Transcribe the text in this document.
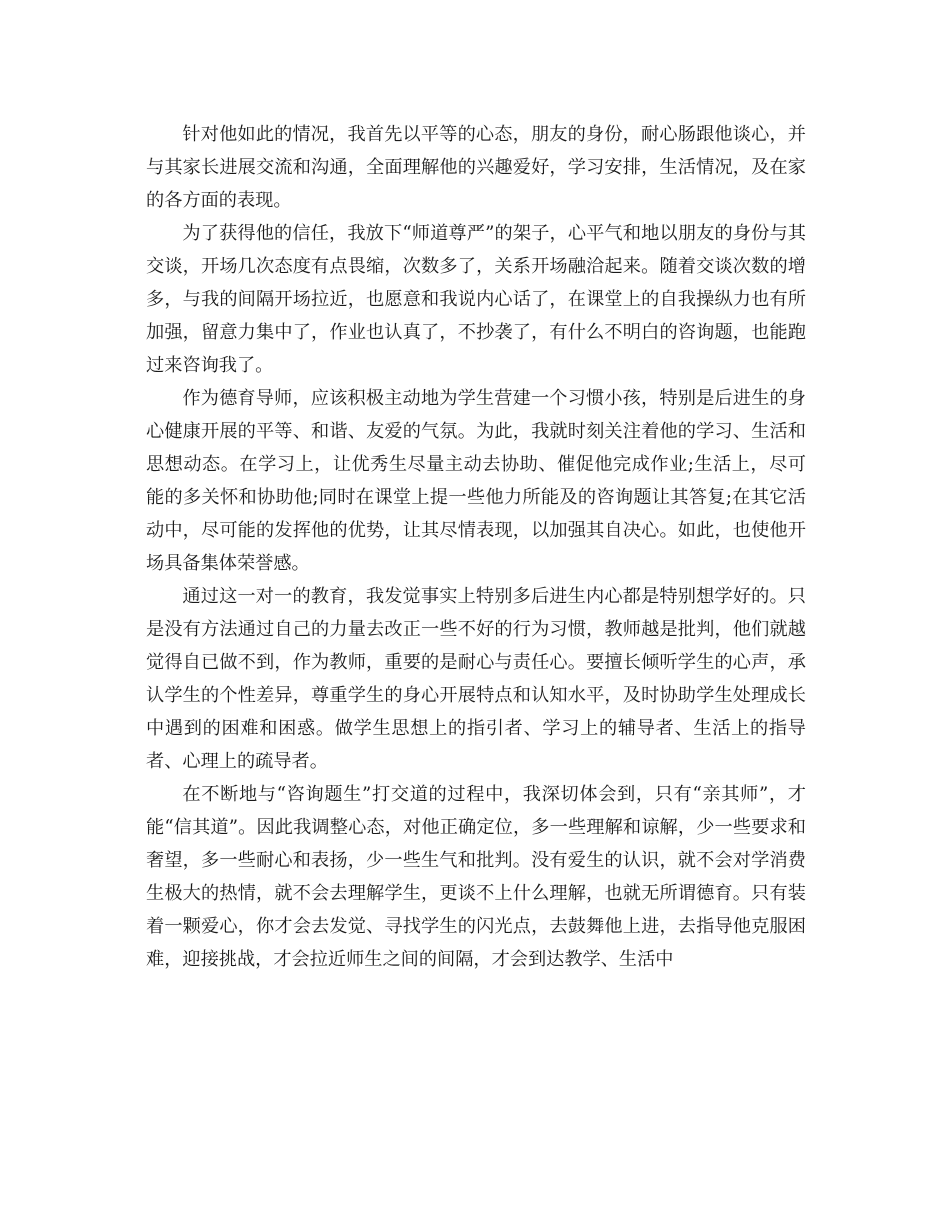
针对他如此的情况，我首先以平等的心态，朋友的身份，耐心肠跟他谈心，并与其家长进展交流和沟通，全面理解他的兴趣爱好，学习安排，生活情况，及在家的各方面的表现。

为了获得他的信任，我放下“师道尊严”的架子，心平气和地以朋友的身份与其交谈，开场几次态度有点畏缩，次数多了，关系开场融洽起来。随着交谈次数的增多，与我的间隔开场拉近，也愿意和我说内心话了，在课堂上的自我操纵力也有所加强，留意力集中了，作业也认真了，不抄袭了，有什么不明白的咨询题，也能跑过来咨询我了。

作为德育导师，应该积极主动地为学生营建一个习惯小孩，特别是后进生的身心健康开展的平等、和谐、友爱的气氛。为此，我就时刻关注着他的学习、生活和思想动态。在学习上，让优秀生尽量主动去协助、催促他完成作业;生活上，尽可能的多关怀和协助他;同时在课堂上提一些他力所能及的咨询题让其答复;在其它活动中，尽可能的发挥他的优势，让其尽情表现，以加强其自决心。如此，也使他开场具备集体荣誉感。

通过这一对一的教育，我发觉事实上特别多后进生内心都是特别想学好的。只是没有方法通过自己的力量去改正一些不好的行为习惯，教师越是批判，他们就越觉得自已做不到，作为教师，重要的是耐心与责任心。要擅长倾听学生的心声，承认学生的个性差异，尊重学生的身心开展特点和认知水平，及时协助学生处理成长中遇到的困难和困惑。做学生思想上的指引者、学习上的辅导者、生活上的指导者、心理上的疏导者。

在不断地与“咨询题生”打交道的过程中，我深切体会到，只有“亲其师”，才能“信其道”。因此我调整心态，对他正确定位，多一些理解和谅解，少一些要求和奢望，多一些耐心和表扬，少一些生气和批判。没有爱生的认识，就不会对学消费生极大的热情，就不会去理解学生，更谈不上什么理解，也就无所谓德育。只有装着一颗爱心，你才会去发觉、寻找学生的闪光点，去鼓舞他上进，去指导他克服困难，迎接挑战，才会拉近师生之间的间隔，才会到达教学、生活中
